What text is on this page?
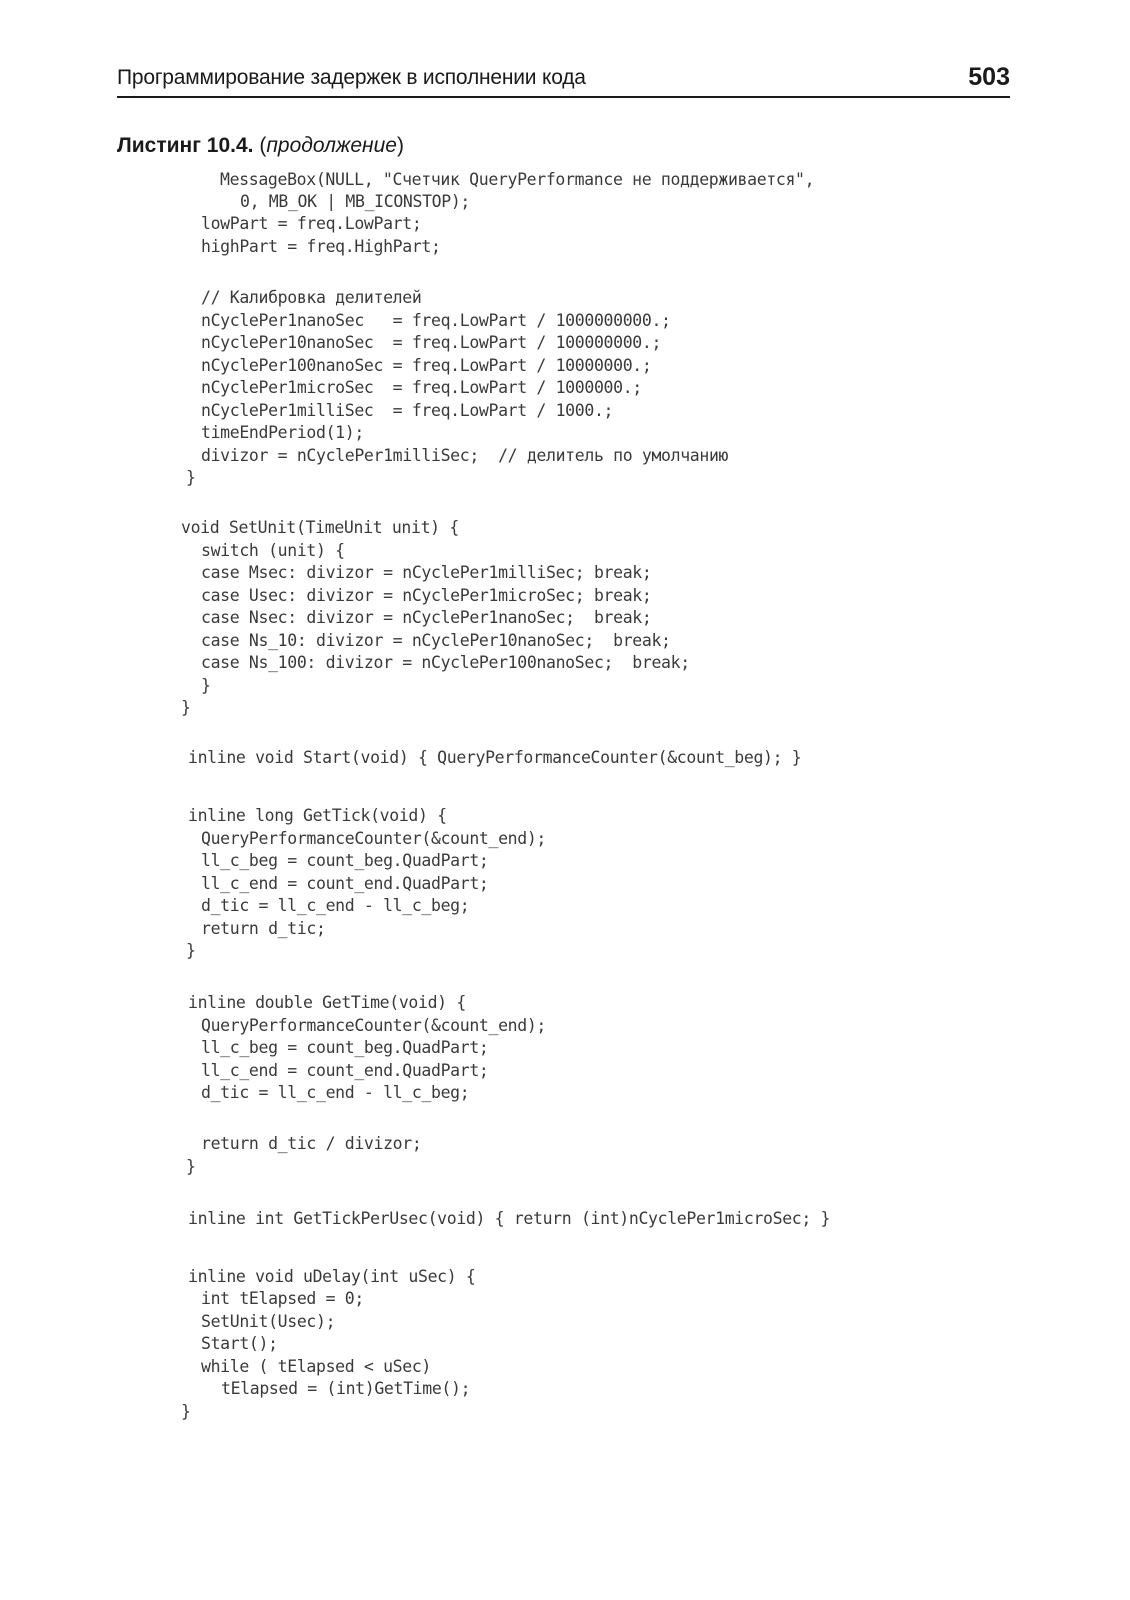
Программирование задержек в исполнении кода	503
Листинг 10.4. (продолжение)
MessageBox(NULL, "Счетчик QueryPerformance не поддерживается",
0, MB_OK | MB_ICONSTOP);
lowPart = freq.LowPart;
highPart = freq.HighPart;
// Калибровка делителей
nCyclePer1nanoSec   = freq.LowPart / 1000000000.;
nCyclePer10nanoSec  = freq.LowPart / 100000000.;
nCyclePer100nanoSec = freq.LowPart / 10000000.;
nCyclePer1microSec  = freq.LowPart / 1000000.;
nCyclePer1milliSec  = freq.LowPart / 1000.;
timeEndPeriod(1);
divizor = nCyclePer1milliSec;  // делитель по умолчанию
}
void SetUnit(TimeUnit unit) {
switch (unit) {
case Msec: divizor = nCyclePer1milliSec; break;
case Usec: divizor = nCyclePer1microSec; break;
case Nsec: divizor = nCyclePer1nanoSec;  break;
case Ns_10: divizor = nCyclePer10nanoSec;  break;
case Ns_100: divizor = nCyclePer100nanoSec;  break;
}
}
inline void Start(void) { QueryPerformanceCounter(&count_beg); }
inline long GetTick(void) {
QueryPerformanceCounter(&count_end);
ll_c_beg = count_beg.QuadPart;
ll_c_end = count_end.QuadPart;
d_tic = ll_c_end - ll_c_beg;
return d_tic;
}
inline double GetTime(void) {
QueryPerformanceCounter(&count_end);
ll_c_beg = count_beg.QuadPart;
ll_c_end = count_end.QuadPart;
d_tic = ll_c_end - ll_c_beg;
return d_tic / divizor;
}
inline int GetTickPerUsec(void) { return (int)nCyclePer1microSec; }
inline void uDelay(int uSec) {
int tElapsed = 0;
SetUnit(Usec);
Start();
while ( tElapsed < uSec)
tElapsed = (int)GetTime();
}
